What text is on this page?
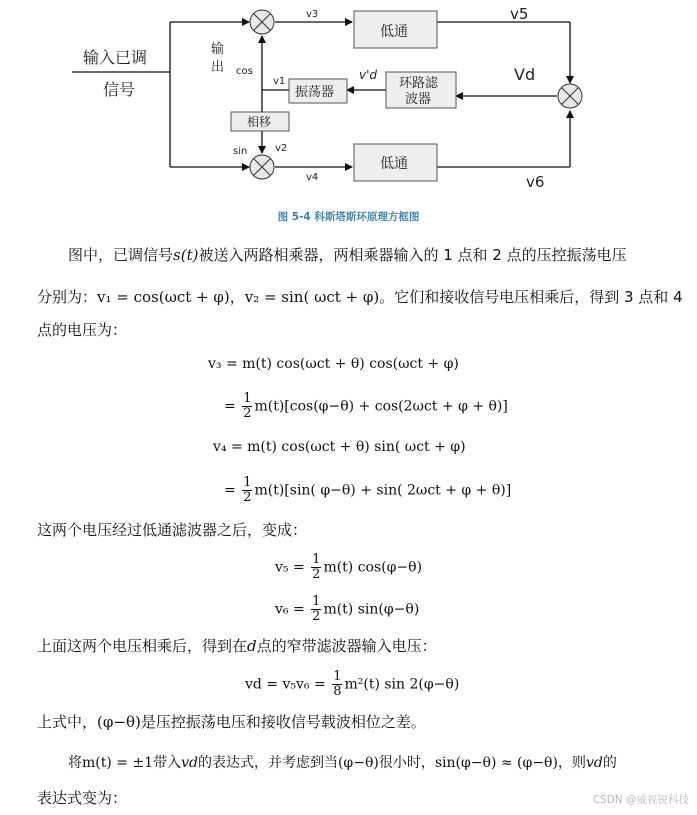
输入已调
信号
输
出 cos
sin
v1
v2
v3
v4
v5
v6
v'd	Vd
低通
低通
振荡器
环路滤
波器
相移
图 5-4 科斯塔斯环原理方框图
图中，已调信号s(t)被送入两路相乘器，两相乘器输入的 1 点和 2 点的压控振荡电压
分别为：v₁ = cos(ωct + φ)，v₂ = sin( ωct + φ)。它们和接收信号电压相乘后，得到 3 点和 4
点的电压为：
v₃ = m(t) cos(ωct + θ) cos(ωct + φ)
= $\frac{1}{2} m(t)[\cos(\varphi-\theta) + \cos(2\omega ct + \varphi + \theta)]$
v₄ = m(t) cos(ωct + θ) sin( ωct + φ)
= $\frac{1}{2} m(t)[\sin$( φ−θ) + sin( 2ωct + φ + θ)]
这两个电压经过低通滤波器之后，变成：
$v_5 = \frac{1}{2} m(t)$ cos(φ−θ)
$v_6 = \frac{1}{2} m(t)$ sin(φ−θ)
上面这两个电压相乘后，得到在d点的窄带滤波器输入电压：
vd = $v_5v_6 = \frac{1}{8} m^2(t)$ sin 2(φ−θ)
上式中，(φ−θ)是压控振荡电压和接收信号载波相位之差。
将m(t) = ±1带入vd的表达式，并考虑到当(φ−θ)很小时，sin(φ−θ) ≈ (φ−θ)，则vd的
表达式变为：	CSDN @威视锐科技
